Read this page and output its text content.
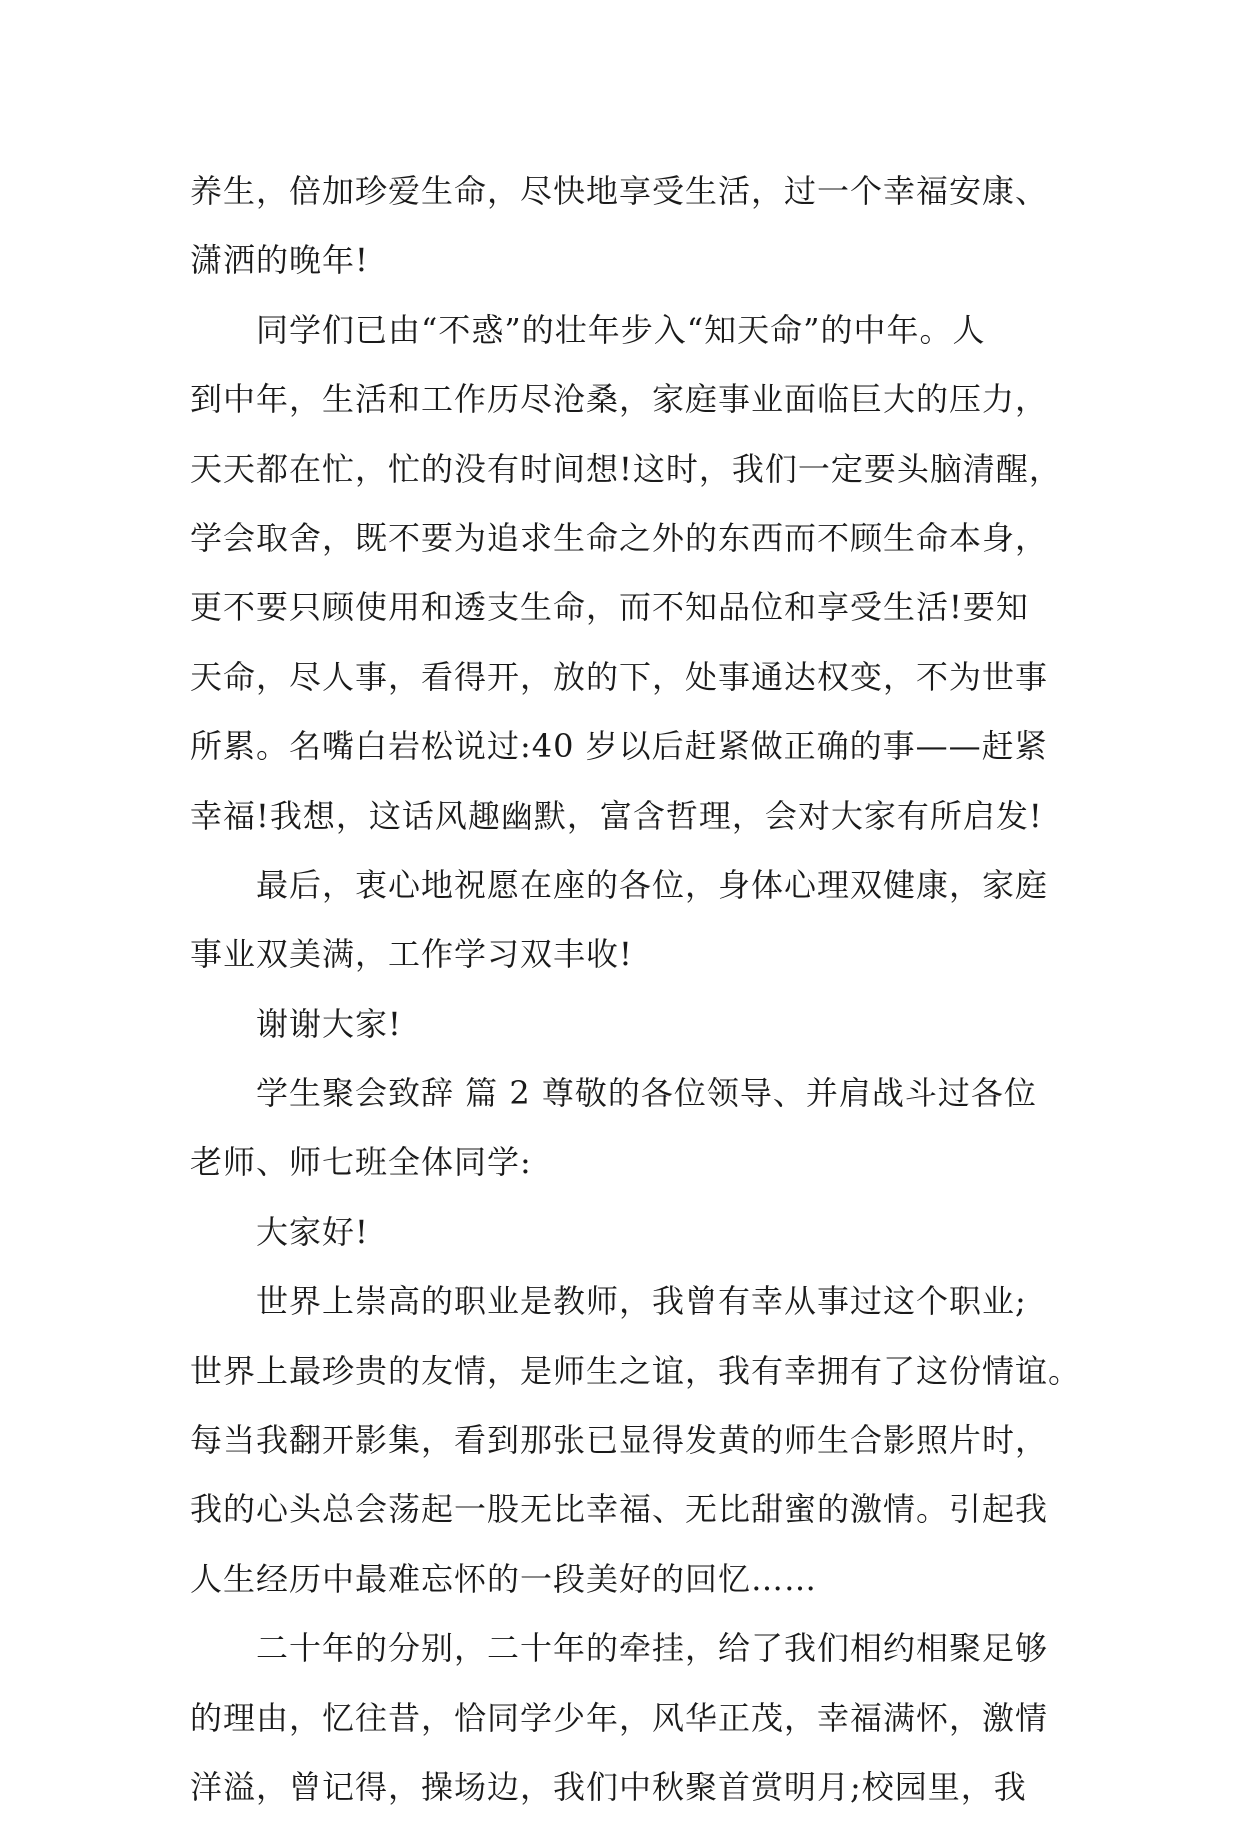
养生，倍加珍爱生命，尽快地享受生活，过一个幸福安康、
潇洒的晚年!
　　同学们已由“不惑”的壮年步入“知天命”的中年。人
到中年，生活和工作历尽沧桑，家庭事业面临巨大的压力，
天天都在忙，忙的没有时间想!这时，我们一定要头脑清醒，
学会取舍，既不要为追求生命之外的东西而不顾生命本身，
更不要只顾使用和透支生命，而不知品位和享受生活!要知
天命，尽人事，看得开，放的下，处事通达权变，不为世事
所累。名嘴白岩松说过:40 岁以后赶紧做正确的事——赶紧
幸福!我想，这话风趣幽默，富含哲理，会对大家有所启发!
　　最后，衷心地祝愿在座的各位，身体心理双健康，家庭
事业双美满，工作学习双丰收!
　　谢谢大家!
　　学生聚会致辞 篇 2 尊敬的各位领导、并肩战斗过各位
老师、师七班全体同学:
　　大家好!
　　世界上崇高的职业是教师，我曾有幸从事过这个职业;
世界上最珍贵的友情，是师生之谊，我有幸拥有了这份情谊。
每当我翻开影集，看到那张已显得发黄的师生合影照片时，
我的心头总会荡起一股无比幸福、无比甜蜜的激情。引起我
人生经历中最难忘怀的一段美好的回忆……
　　二十年的分别，二十年的牵挂，给了我们相约相聚足够
的理由，忆往昔，恰同学少年，风华正茂，幸福满怀，激情
洋溢，曾记得，操场边，我们中秋聚首赏明月;校园里，我
